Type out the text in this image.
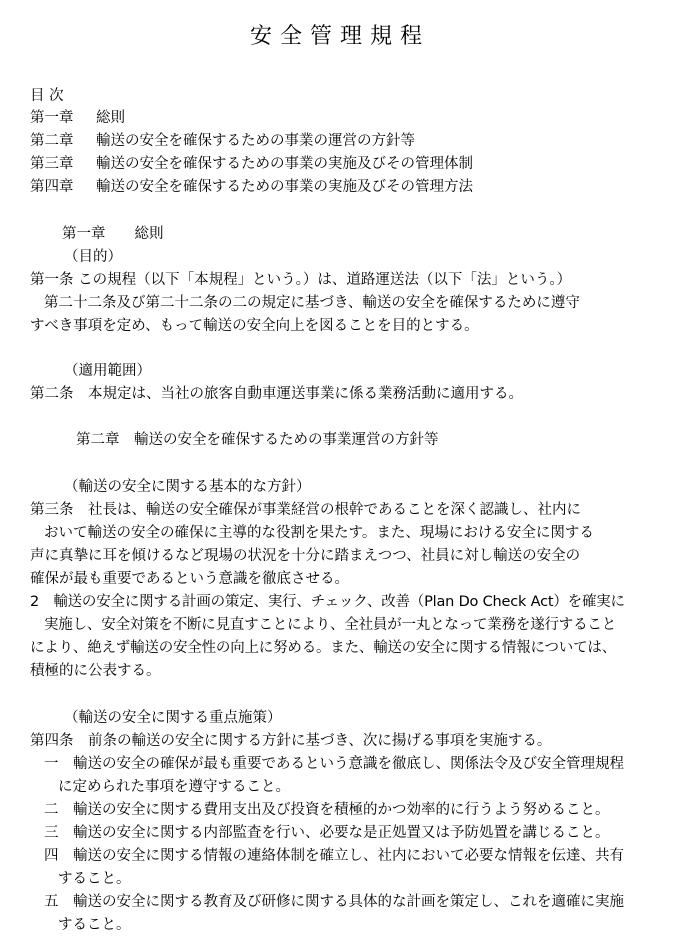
安全管理規程
目 次
第一章 総則
第二章 輸送の安全を確保するための事業の運営の方針等
第三章 輸送の安全を確保するための事業の実施及びその管理体制
第四章 輸送の安全を確保するための事業の実施及びその管理方法
第一章　　総則
（目的）
第一条 この規程（以下「本規程」という。）は、道路運送法（以下「法」という。）
第二十二条及び第二十二条の二の規定に基づき、輸送の安全を確保するために遵守
すべき事項を定め、もって輸送の安全向上を図ることを目的とする。
（適用範囲）
第二条　本規定は、当社の旅客自動車運送事業に係る業務活動に適用する。
第二章　輸送の安全を確保するための事業運営の方針等
（輸送の安全に関する基本的な方針）
第三条　社長は、輸送の安全確保が事業経営の根幹であることを深く認識し、社内に
おいて輸送の安全の確保に主導的な役割を果たす。また、現場における安全に関する
声に真摯に耳を傾けるなど現場の状況を十分に踏まえつつ、社員に対し輸送の安全の
確保が最も重要であるという意識を徹底させる。
2　輸送の安全に関する計画の策定、実行、チェック、改善（Plan Do Check Act）を確実に
実施し、安全対策を不断に見直すことにより、全社員が一丸となって業務を遂行すること
により、絶えず輸送の安全性の向上に努める。また、輸送の安全に関する情報については、
積極的に公表する。
（輸送の安全に関する重点施策）
第四条　前条の輸送の安全に関する方針に基づき、次に揚げる事項を実施する。
一　輸送の安全の確保が最も重要であるという意識を徹底し、関係法令及び安全管理規程
に定められた事項を遵守すること。
二　輸送の安全に関する費用支出及び投資を積極的かつ効率的に行うよう努めること。
三　輸送の安全に関する内部監査を行い、必要な是正処置又は予防処置を講じること。
四　輸送の安全に関する情報の連絡体制を確立し、社内において必要な情報を伝達、共有
すること。
五　輸送の安全に関する教育及び研修に関する具体的な計画を策定し、これを適確に実施
すること。
